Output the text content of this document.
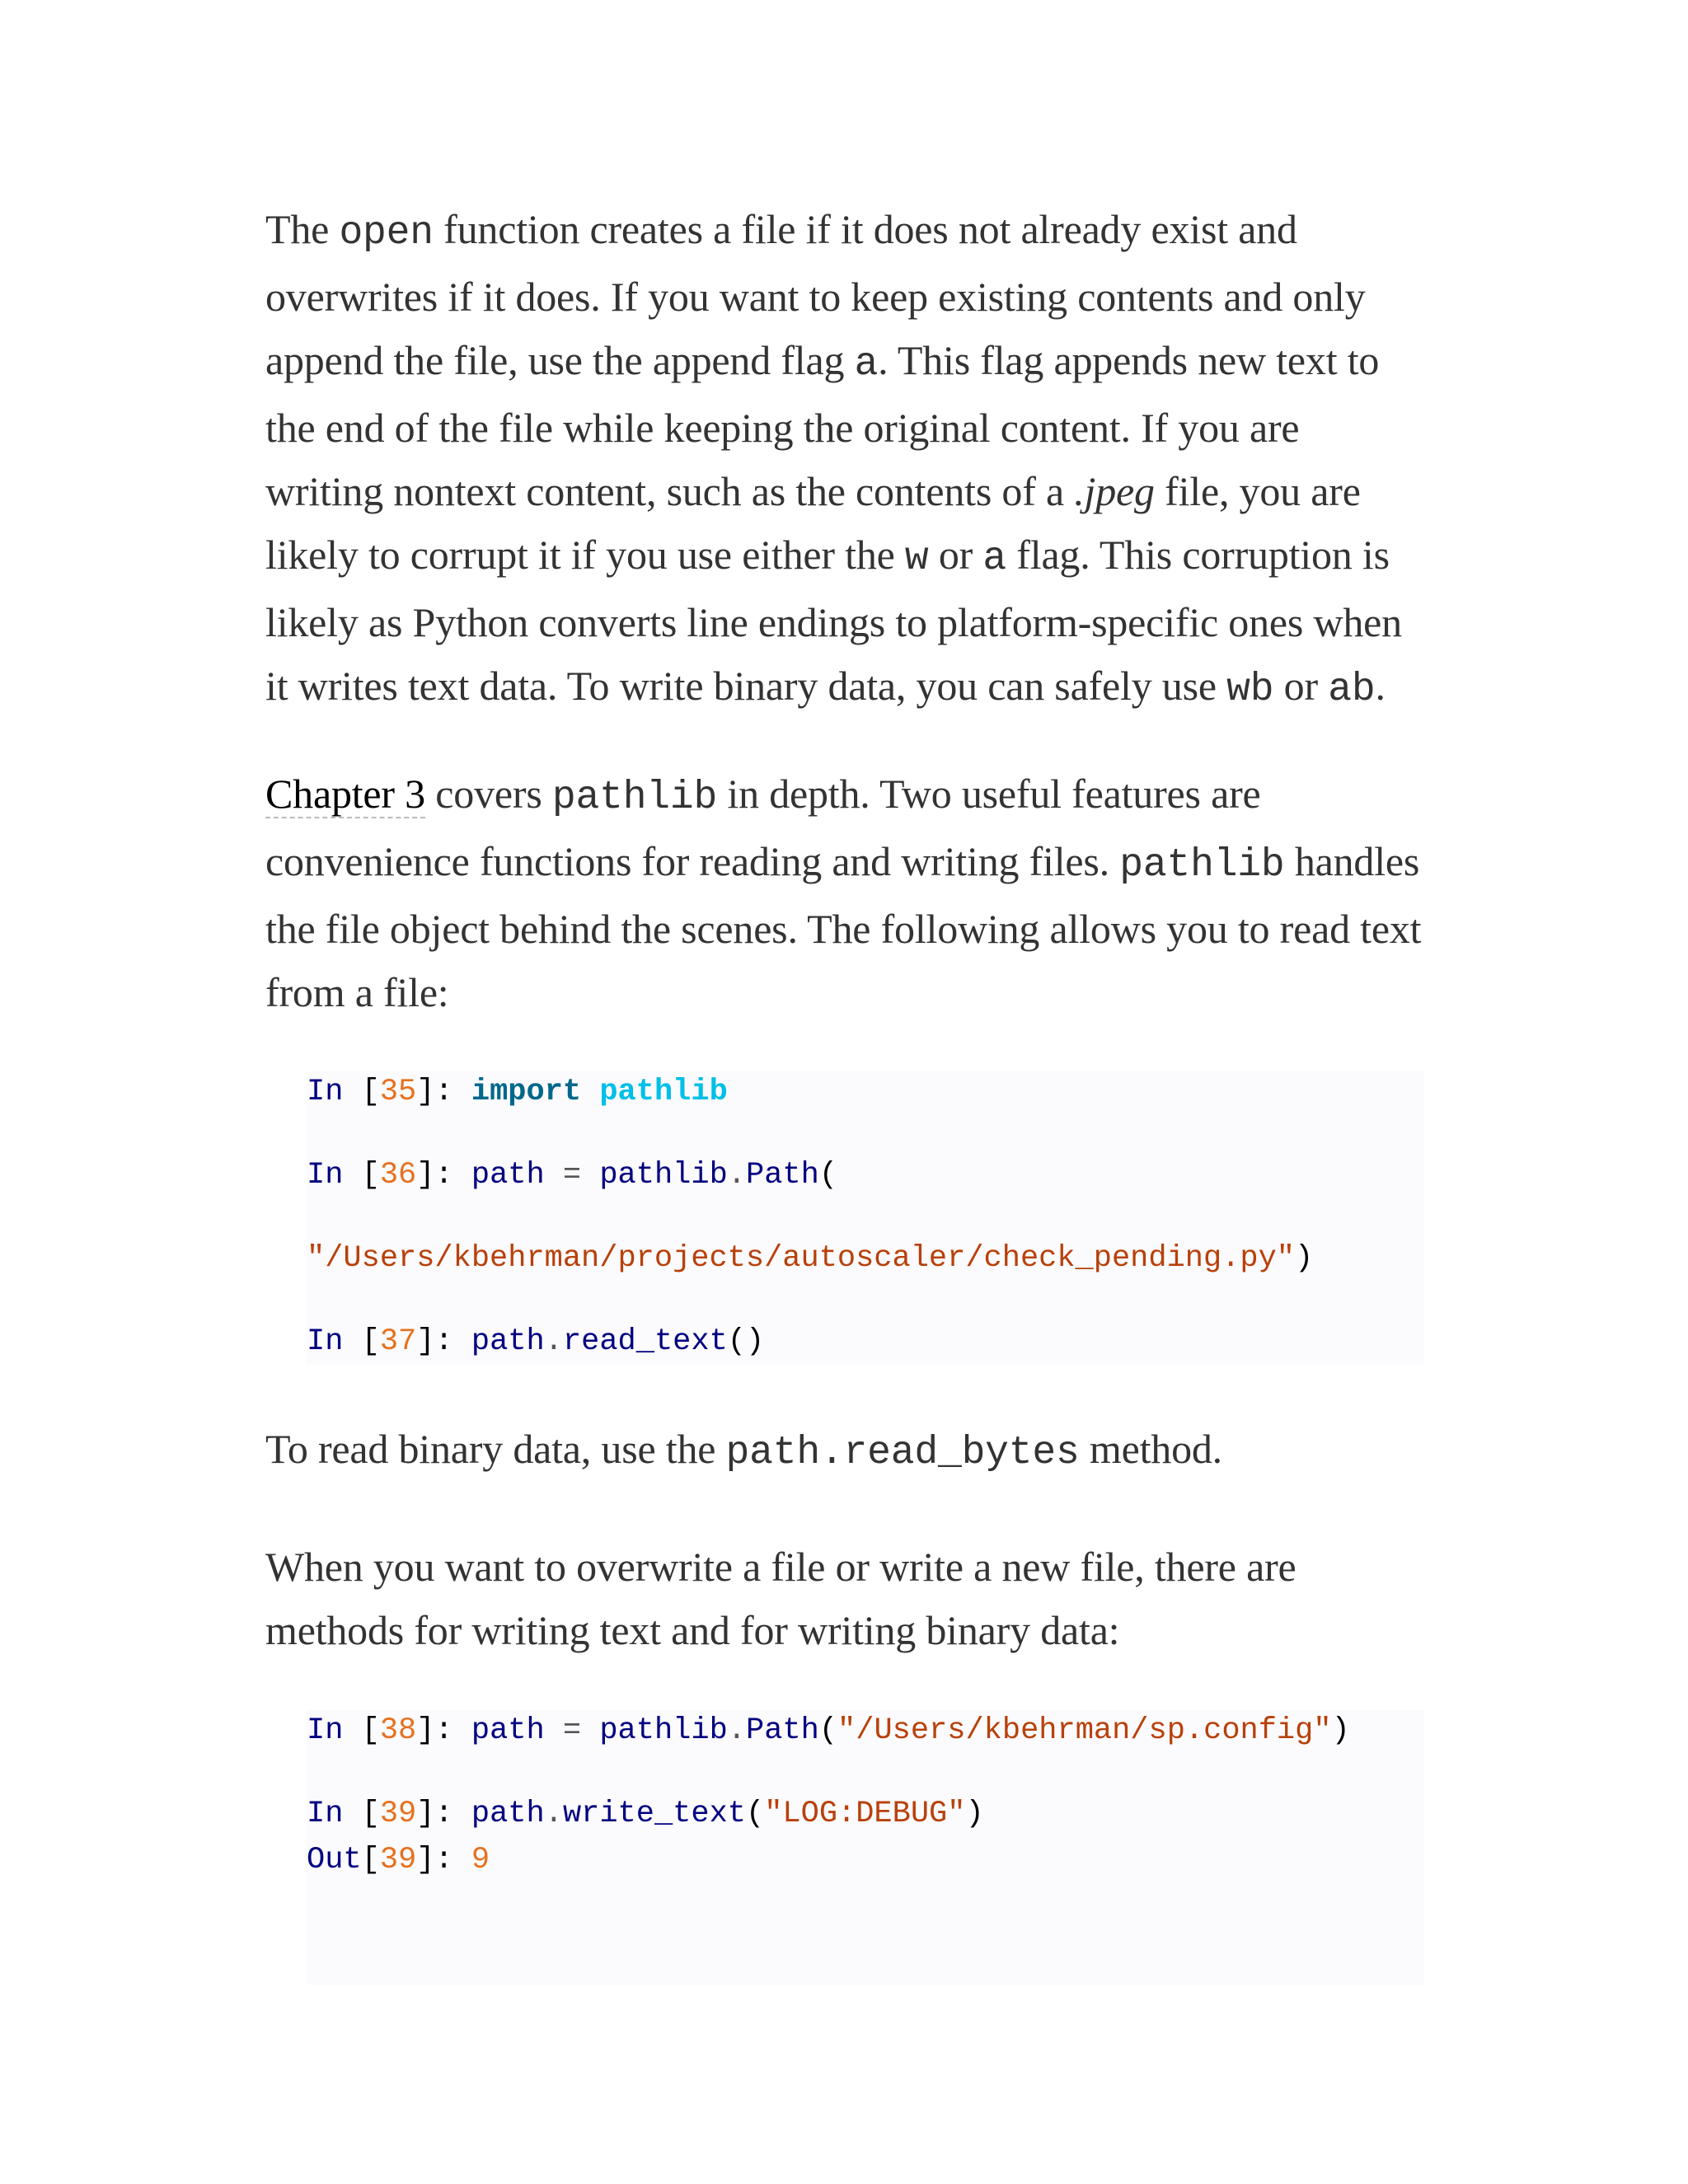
The open function creates a file if it does not already exist and overwrites if it does. If you want to keep existing contents and only append the file, use the append flag a. This flag appends new text to the end of the file while keeping the original content. If you are writing nontext content, such as the contents of a .jpeg file, you are likely to corrupt it if you use either the w or a flag. This corruption is likely as Python converts line endings to platform-specific ones when it writes text data. To write binary data, you can safely use wb or ab.

Chapter 3 covers pathlib in depth. Two useful features are convenience functions for reading and writing files. pathlib handles the file object behind the scenes. The following allows you to read text from a file:

In [35]: import pathlib

In [36]: path = pathlib.Path(

"/Users/kbehrman/projects/autoscaler/check_pending.py")

In [37]: path.read_text()

To read binary data, use the path.read_bytes method.

When you want to overwrite a file or write a new file, there are methods for writing text and for writing binary data:

In [38]: path = pathlib.Path("/Users/kbehrman/sp.config")

In [39]: path.write_text("LOG:DEBUG")

Out[39]: 9
